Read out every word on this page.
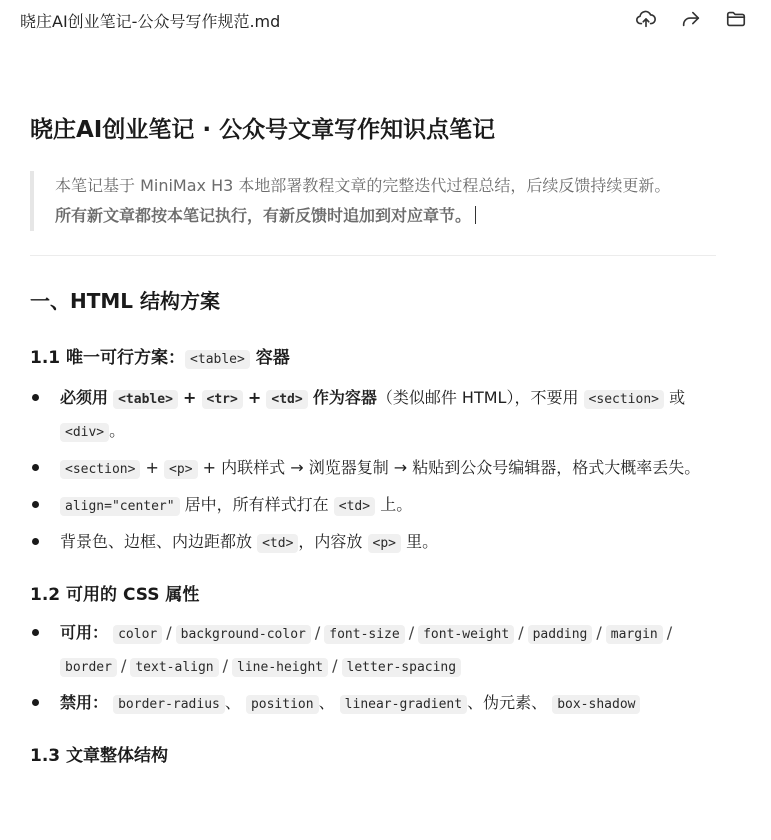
晓庄AI创业笔记-公众号写作规范.md
晓庄AI创业笔记 · 公众号文章写作知识点笔记
本笔记基于 MiniMax H3 本地部署教程文章的完整迭代过程总结，后续反馈持续更新。
所有新文章都按本笔记执行，有新反馈时追加到对应章节。
一、HTML 结构方案
1.1 唯一可行方案： <table> 容器
必须用 <table> + <tr> + <td> 作为容器（类似邮件 HTML），不要用 <section> 或 <div> 。
<section> + <p> + 内联样式 → 浏览器复制 → 粘贴到公众号编辑器，格式大概率丢失。
align="center" 居中，所有样式打在 <td> 上。
背景色、边框、内边距都放 <td> ，内容放 <p> 里。
1.2 可用的 CSS 属性
可用： color / background-color / font-size / font-weight / padding / margin / border / text-align / line-height / letter-spacing
禁用： border-radius 、 position 、 linear-gradient 、伪元素、 box-shadow
1.3 文章整体结构
